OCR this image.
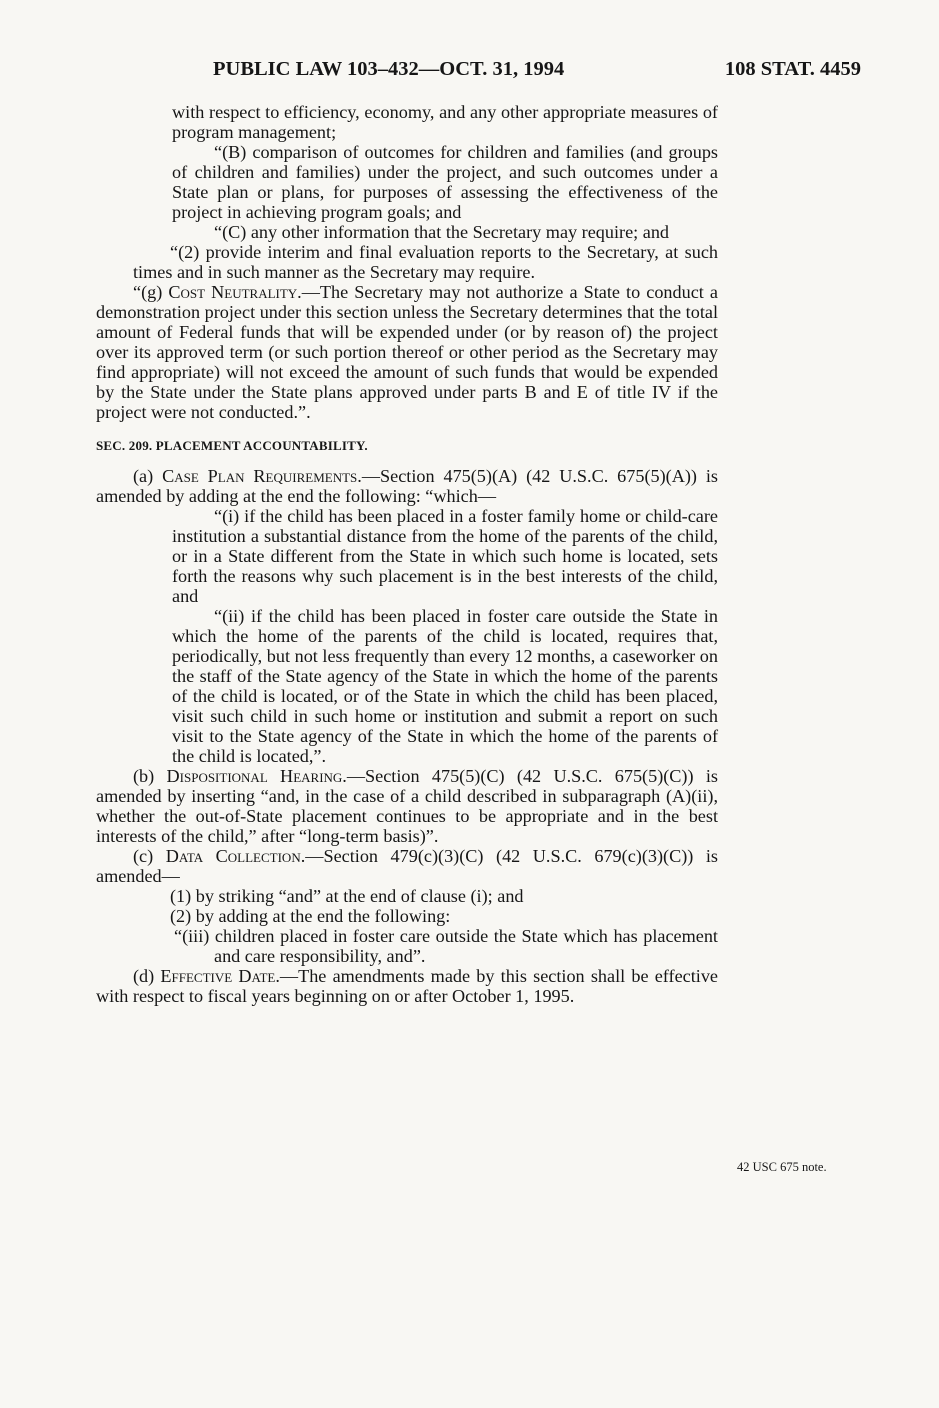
PUBLIC LAW 103–432—OCT. 31, 1994	108 STAT. 4459

with respect to efficiency, economy, and any other appropriate measures of program management;

“(B) comparison of outcomes for children and families (and groups of children and families) under the project, and such outcomes under a State plan or plans, for purposes of assessing the effectiveness of the project in achieving program goals; and

“(C) any other information that the Secretary may require; and

“(2) provide interim and final evaluation reports to the Secretary, at such times and in such manner as the Secretary may require.

“(g) Cost Neutrality.—The Secretary may not authorize a State to conduct a demonstration project under this section unless the Secretary determines that the total amount of Federal funds that will be expended under (or by reason of) the project over its approved term (or such portion thereof or other period as the Secretary may find appropriate) will not exceed the amount of such funds that would be expended by the State under the State plans approved under parts B and E of title IV if the project were not conducted.”.

SEC. 209. PLACEMENT ACCOUNTABILITY.

(a) Case Plan Requirements.—Section 475(5)(A) (42 U.S.C. 675(5)(A)) is amended by adding at the end the following: “which—

“(i) if the child has been placed in a foster family home or child-care institution a substantial distance from the home of the parents of the child, or in a State different from the State in which such home is located, sets forth the reasons why such placement is in the best interests of the child, and

“(ii) if the child has been placed in foster care outside the State in which the home of the parents of the child is located, requires that, periodically, but not less frequently than every 12 months, a caseworker on the staff of the State agency of the State in which the home of the parents of the child is located, or of the State in which the child has been placed, visit such child in such home or institution and submit a report on such visit to the State agency of the State in which the home of the parents of the child is located,”.

(b) Dispositional Hearing.—Section 475(5)(C) (42 U.S.C. 675(5)(C)) is amended by inserting “and, in the case of a child described in subparagraph (A)(ii), whether the out-of-State placement continues to be appropriate and in the best interests of the child,” after “long-term basis)”.

(c) Data Collection.—Section 479(c)(3)(C) (42 U.S.C. 679(c)(3)(C)) is amended—

(1) by striking “and” at the end of clause (i); and

(2) by adding at the end the following:

“(iii) children placed in foster care outside the State which has placement and care responsibility, and”.

(d) Effective Date.—The amendments made by this section shall be effective with respect to fiscal years beginning on or after October 1, 1995.

42 USC 675 note.
